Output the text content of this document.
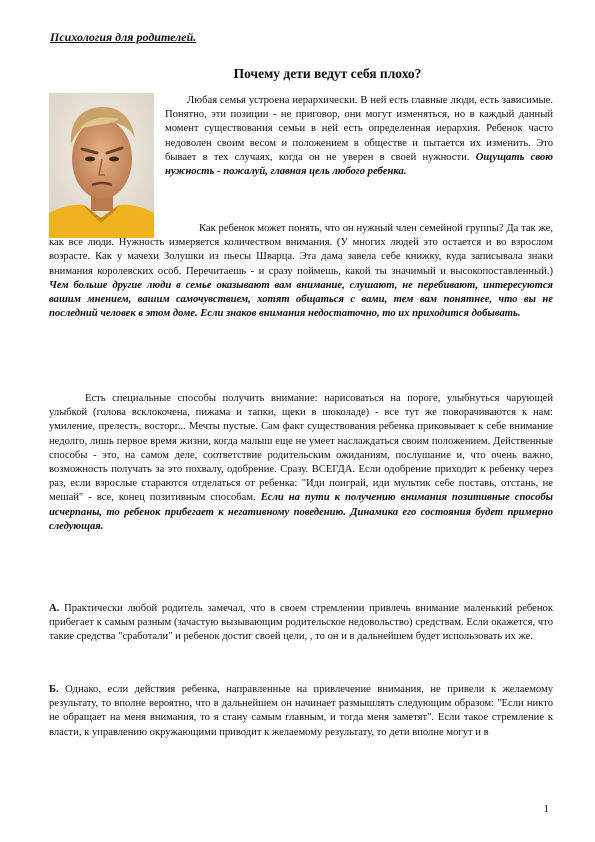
Психология для родителей.
Почему дети ведут себя плохо?
Любая семья устроена иерархически. В ней есть главные люди, есть зависимые. Понятно, эти позиции - не приговор, они могут изменяться, но в каждый данный момент существования семьи в ней есть определенная иерархия. Ребенок часто недоволен своим весом и положением в обществе и пытается их изменить. Это бывает в тех случаях, когда он не уверен в своей нужности. Ощущать свою нужность - пожалуй, главная цель любого ребенка.
Как ребенок может понять, что он нужный член семейной группы? Да так же, как все люди. Нужность измеряется количеством внимания. (У многих людей это остается и во взрослом возрасте. Как у мачехи Золушки из пьесы Шварца. Эта дама завела себе книжку, куда записывала знаки внимания королевских особ. Перечитаешь - и сразу поймешь, какой ты значимый и высокопоставленный.) Чем больше другие люди в семье оказывают вам внимание, слушают, не перебивают, интересуются вашим мнением, вашим самочувствием, хотят общаться с вами, тем вам понятнее, что вы не последний человек в этом доме. Если знаков внимания недостаточно, то их приходится добывать.
Есть специальные способы получить внимание: нарисоваться на пороге, улыбнуться чарующей улыбкой (голова всклокочена, пижама и тапки, щеки в шоколаде) - все тут же поворачиваются к нам: умиление, прелесть, восторг... Мечты пустые. Сам факт существования ребенка приковывает к себе внимание недолго, лишь первое время жизни, когда малыш еще не умеет наслаждаться своим положением. Действенные способы - это, на самом деле, соответствие родительским ожиданиям, послушание и, что очень важно, возможность получать за это похвалу, одобрение. Сразу. ВСЕГДА. Если одобрение приходит к ребенку через раз, если взрослые стараются отделаться от ребенка: "Иди поиграй, иди мультик себе поставь, отстань, не мешай" - все, конец позитивным способам. Если на пути к получению внимания позитивные способы исчерпаны, то ребенок прибегает к негативному поведению. Динамика его состояния будет примерно следующая.
А. Практически любой родитель замечал, что в своем стремлении привлечь внимание маленький ребенок прибегает к самым разным (зачастую вызывающим родительское недовольство) средствам. Если окажется, что такие средства "сработали" и ребенок достиг своей цели, , то он и в дальнейшем будет использовать их же.
Б. Однако, если действия ребенка, направленные на привлечение внимания, не привели к желаемому результату, то вполне вероятно, что в дальнейшем он начинает размышлять следующим образом: "Если никто не обращает на меня внимания, то я стану самым главным, и тогда меня заметят". Если такое стремление к власти, к управлению окружающими приводит к желаемому результату, то дети вполне могут и в
1
